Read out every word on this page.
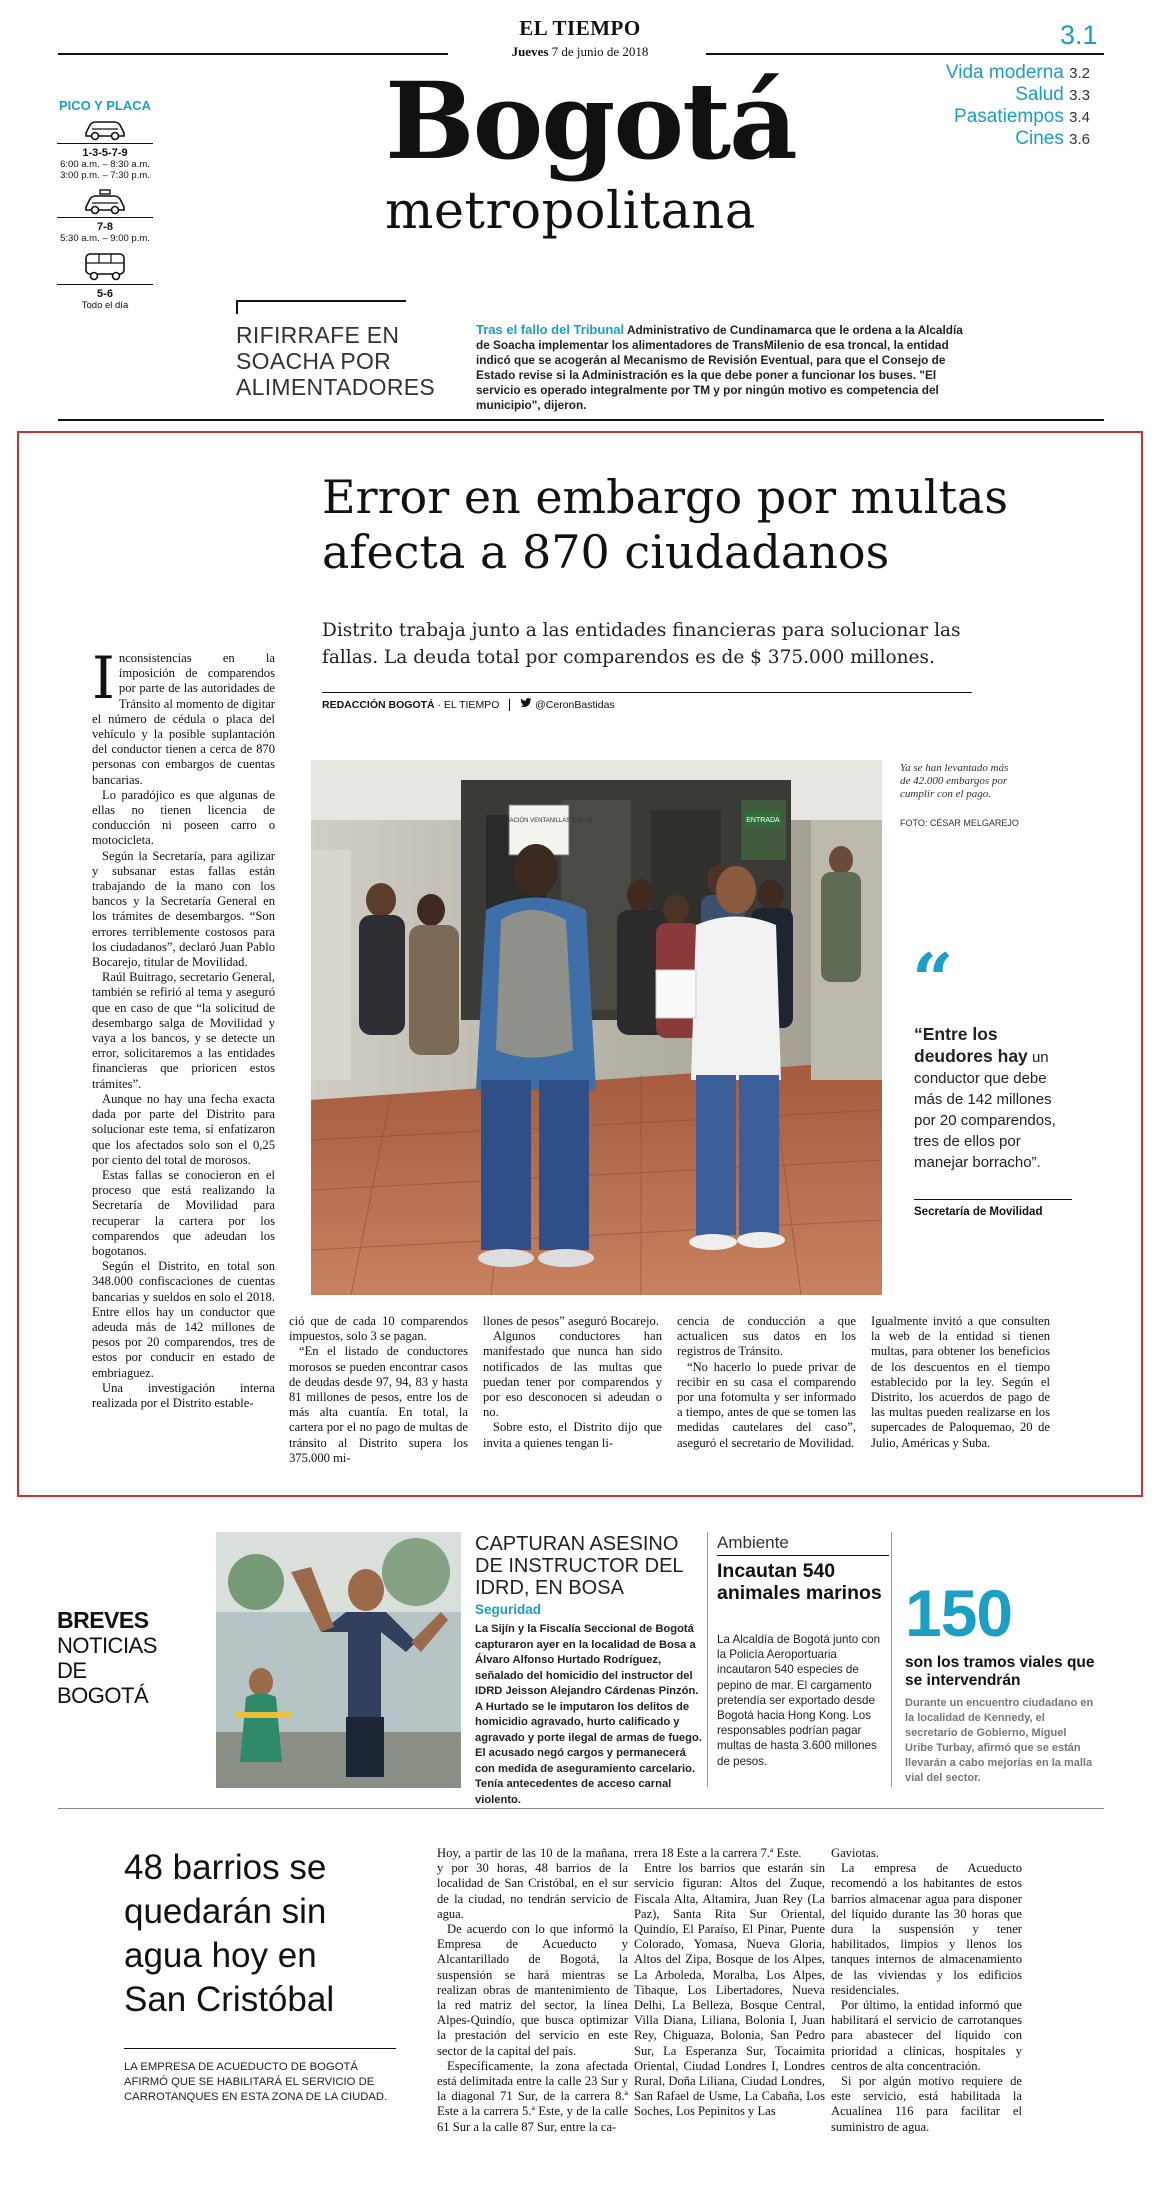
EL TIEMPO
Jueves 7 de junio de 2018
3.1
Bogotá
metropolitana
Vida moderna 3.2
Salud 3.3
Pasatiempos 3.4
Cines 3.6
PICO Y PLACA
1-3-5-7-9
6:00 a.m. – 8:30 a.m.
3:00 p.m. – 7:30 p.m.
7-8
5:30 a.m. – 9:00 p.m.
5-6
Todo el día
RIFIRRAFE EN SOACHA POR ALIMENTADORES
Tras el fallo del Tribunal Administrativo de Cundinamarca que le ordena a la Alcaldía de Soacha implementar los alimentadores de TransMilenio de esa troncal, la entidad indicó que se acogerán al Mecanismo de Revisión Eventual, para que el Consejo de Estado revise si la Administración es la que debe poner a funcionar los buses. "El servicio es operado integralmente por TM y por ningún motivo es competencia del municipio", dijeron.
Error en embargo por multas afecta a 870 ciudadanos
Distrito trabaja junto a las entidades financieras para solucionar las fallas. La deuda total por comparendos es de $ 375.000 millones.
REDACCIÓN BOGOTÁ · EL TIEMPO	@CeronBastidas
INFORMACIÓN VENTANILLAS 1 AL 17	ENTRADA
Ya se han levantado más de 42.000 embargos por cumplir con el pago.
FOTO: CÉSAR MELGAREJO
“
“Entre los deudores hay un conductor que debe más de 142 millones por 20 comparendos, tres de ellos por manejar borracho”.
Secretaría de Movilidad

Inconsistencias en la imposición de comparendos por parte de las autoridades de Tránsito al momento de digitar el número de cédula o placa del vehículo y la posible suplantación del conductor tienen a cerca de 870 personas con embargos de cuentas bancarias.

Lo paradójico es que algunas de ellas no tienen licencia de conducción ni poseen carro o motocicleta.

Según la Secretaría, para agilizar y subsanar estas fallas están trabajando de la mano con los bancos y la Secretaría General en los trámites de desembargos. “Son errores terriblemente costosos para los ciudadanos”, declaró Juan Pablo Bocarejo, titular de Movilidad.

Raúl Buitrago, secretario General, también se refirió al tema y aseguró que en caso de que “la solicitud de desembargo salga de Movilidad y vaya a los bancos, y se detecte un error, solicitaremos a las entidades financieras que prioricen estos trámites”.

Aunque no hay una fecha exacta dada por parte del Distrito para solucionar este tema, sí enfatizaron que los afectados solo son el 0,25 por ciento del total de morosos.

Estas fallas se conocieron en el proceso que está realizando la Secretaría de Movilidad para recuperar la cartera por los comparendos que adeudan los bogotanos.

Según el Distrito, en total son 348.000 confiscaciones de cuentas bancarias y sueldos en solo el 2018. Entre ellos hay un conductor que adeuda más de 142 millones de pesos por 20 comparendos, tres de estos por conducir en estado de embriaguez.

Una investigación interna realizada por el Distrito estable-

ció que de cada 10 comparendos impuestos, solo 3 se pagan.

“En el listado de conductores morosos se pueden encontrar casos de deudas desde 97, 94, 83 y hasta 81 millones de pesos, entre los de más alta cuantía. En total, la cartera por el no pago de multas de tránsito al Distrito supera los 375.000 mi-

llones de pesos” aseguró Bocarejo.

Algunos conductores han manifestado que nunca han sido notificados de las multas que puedan tener por comparendos y por eso desconocen si adeudan o no.

Sobre esto, el Distrito dijo que invita a quienes tengan li-

cencia de conducción a que actualicen sus datos en los registros de Tránsito.

“No hacerlo lo puede privar de recibir en su casa el comparendo por una fotomulta y ser informado a tiempo, antes de que se tomen las medidas cautelares del caso”, aseguró el secretario de Movilidad.

Igualmente invitó a que consulten la web de la entidad si tienen multas, para obtener los beneficios de los descuentos en el tiempo establecido por la ley. Según el Distrito, los acuerdos de pago de las multas pueden realizarse en los supercades de Paloquemao, 20 de Julio, Américas y Suba.

BREVES
NOTICIAS DE BOGOTÁ
CAPTURAN ASESINO DE INSTRUCTOR DEL IDRD, EN BOSA
Seguridad
La Sijín y la Fiscalía Seccional de Bogotá capturaron ayer en la localidad de Bosa a Álvaro Alfonso Hurtado Rodríguez, señalado del homicidio del instructor del IDRD Jeisson Alejandro Cárdenas Pinzón. A Hurtado se le imputaron los delitos de homicidio agravado, hurto calificado y agravado y porte ilegal de armas de fuego. El acusado negó cargos y permanecerá con medida de aseguramiento carcelario. Tenía antecedentes de acceso carnal violento.
Ambiente
Incautan 540 animales marinos
La Alcaldía de Bogotá junto con la Policía Aeroportuaria incautaron 540 especies de pepino de mar. El cargamento pretendía ser exportado desde Bogotá hacia Hong Kong. Los responsables podrían pagar multas de hasta 3.600 millones de pesos.
150
son los tramos viales que se intervendrán
Durante un encuentro ciudadano en la localidad de Kennedy, el secretario de Gobierno, Miguel Uribe Turbay, afirmó que se están llevarán a cabo mejorías en la malla vial del sector.
48 barrios se quedarán sin agua hoy en San Cristóbal
LA EMPRESA DE ACUEDUCTO DE BOGOTÁ AFIRMÓ QUE SE HABILITARÁ EL SERVICIO DE CARROTANQUES EN ESTA ZONA DE LA CIUDAD.

Hoy, a partir de las 10 de la mañana, y por 30 horas, 48 barrios de la localidad de San Cristóbal, en el sur de la ciudad, no tendrán servicio de agua.

De acuerdo con lo que informó la Empresa de Acueducto y Alcantarillado de Bogotá, la suspensión se hará mientras se realizan obras de mantenimiento de la red matriz del sector, la línea Alpes-Quindío, que busca optimizar la prestación del servicio en este sector de la capital del país.

Específicamente, la zona afectada está delimitada entre la calle 23 Sur y la diagonal 71 Sur, de la carrera 8.ª Este a la carrera 5.ª Este, y de la calle 61 Sur a la calle 87 Sur, entre la ca-

rrera 18 Este a la carrera 7.ª Este.

Entre los barrios que estarán sin servicio figuran: Altos del Zuque, Fiscala Alta, Altamira, Juan Rey (La Paz), Santa Rita Sur Oriental, Quindío, El Paraíso, El Pinar, Puente Colorado, Yomasa, Nueva Gloria, Altos del Zipa, Bosque de los Alpes, La Arboleda, Moralba, Los Alpes, Tibaque, Los Libertadores, Nueva Delhi, La Belleza, Bosque Central, Villa Diana, Liliana, Bolonia I, Juan Rey, Chiguaza, Bolonia, San Pedro Sur, La Esperanza Sur, Tocaimita Oriental, Ciudad Londres I, Londres Rural, Doña Liliana, Ciudad Londres, San Rafael de Usme, La Cabaña, Los Soches, Los Pepinitos y Las

Gaviotas.

La empresa de Acueducto recomendó a los habitantes de estos barrios almacenar agua para disponer del líquido durante las 30 horas que dura la suspensión y tener habilitados, limpios y llenos los tanques internos de almacenamiento de las viviendas y los edificios residenciales.

Por último, la entidad informó que habilitará el servicio de carrotanques para abastecer del líquido con prioridad a clínicas, hospitales y centros de alta concentración.

Si por algún motivo requiere de este servicio, está habilitada la Acualínea 116 para facilitar el suministro de agua.
